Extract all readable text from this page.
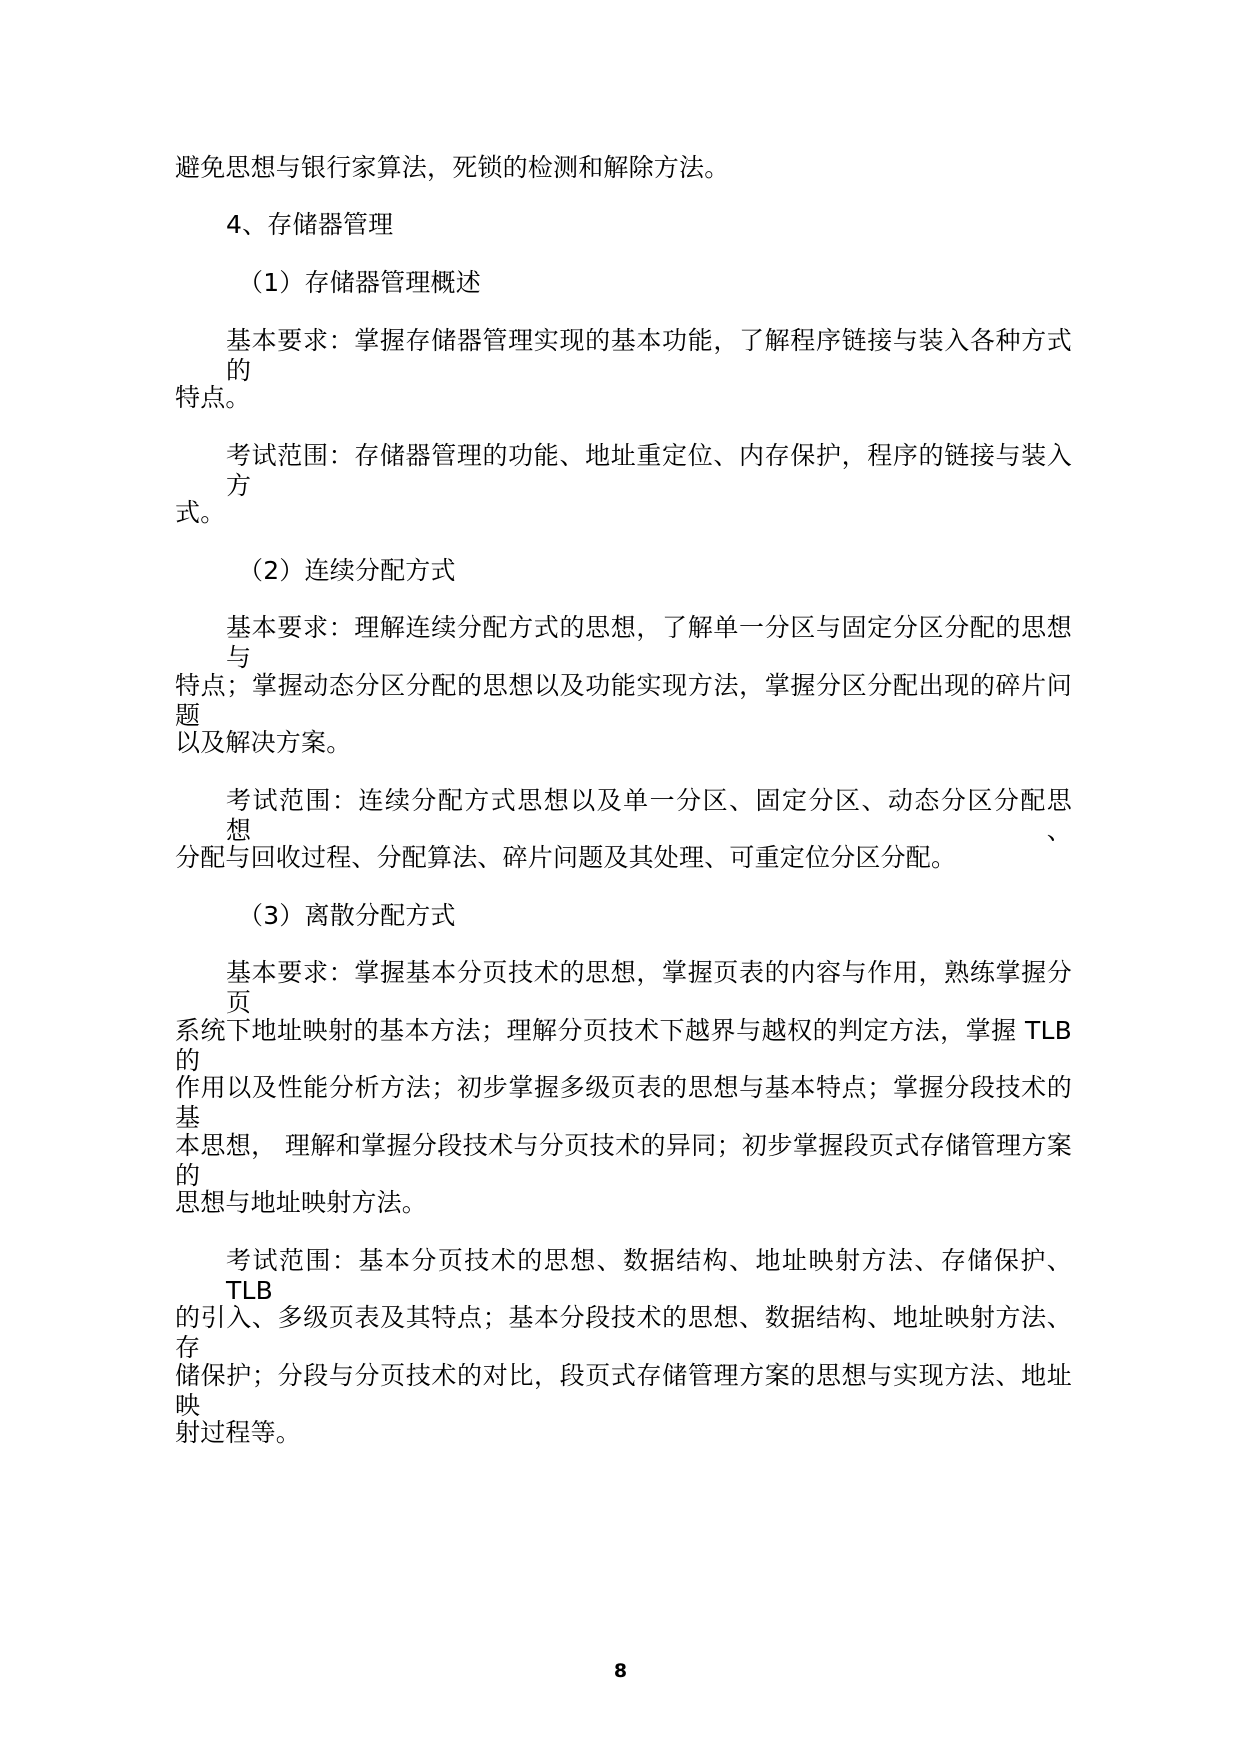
避免思想与银行家算法，死锁的检测和解除方法。
4、存储器管理
（1）存储器管理概述
基本要求：掌握存储器管理实现的基本功能，了解程序链接与装入各种方式的
特点。
考试范围：存储器管理的功能、地址重定位、内存保护，程序的链接与装入方
式。
（2）连续分配方式
基本要求：理解连续分配方式的思想，了解单一分区与固定分区分配的思想与
特点；掌握动态分区分配的思想以及功能实现方法，掌握分区分配出现的碎片问题
以及解决方案。
考试范围：连续分配方式思想以及单一分区、固定分区、动态分区分配思想、
分配与回收过程、分配算法、碎片问题及其处理、可重定位分区分配。
（3）离散分配方式
基本要求：掌握基本分页技术的思想，掌握页表的内容与作用，熟练掌握分页
系统下地址映射的基本方法；理解分页技术下越界与越权的判定方法，掌握 TLB 的
作用以及性能分析方法；初步掌握多级页表的思想与基本特点；掌握分段技术的基
本思想， 理解和掌握分段技术与分页技术的异同；初步掌握段页式存储管理方案的
思想与地址映射方法。
考试范围：基本分页技术的思想、数据结构、地址映射方法、存储保护、TLB
的引入、多级页表及其特点；基本分段技术的思想、数据结构、地址映射方法、存
储保护；分段与分页技术的对比，段页式存储管理方案的思想与实现方法、地址映
射过程等。
8
